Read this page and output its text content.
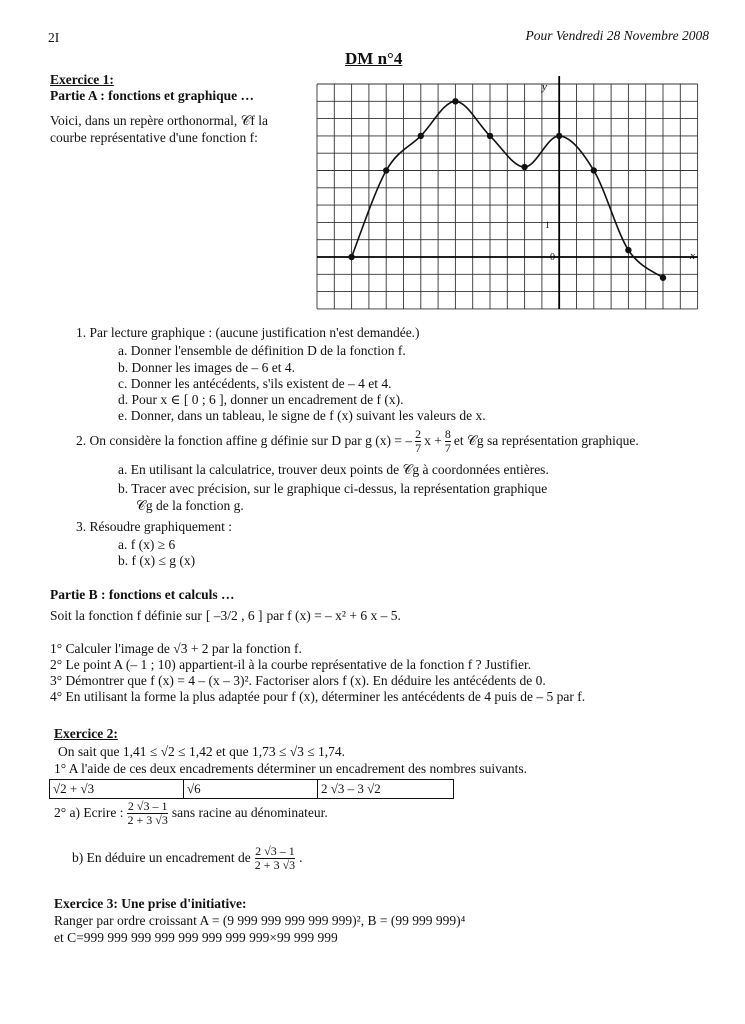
2I	Pour Vendredi 28 Novembre 2008
DM n°4
Exercice 1:
Partie A : fonctions et graphique …
Voici, dans un repère orthonormal, 𝒞f la
courbe représentative d'une fonction f:
y
x
0
1
1. Par lecture graphique : (aucune justification n'est demandée.)
a. Donner l'ensemble de définition D de la fonction f.
b. Donner les images de – 6 et 4.
c. Donner les antécédents, s'ils existent de – 4 et 4.
d. Pour x ∈ [ 0 ; 6 ], donner un encadrement de f (x).
e. Donner, dans un tableau, le signe de f (x) suivant les valeurs de x.
2. On considère la fonction affine g définie sur D par g (x) = – $\frac{2}{7}$ $x + \frac{8}{7}$ et 𝒞g sa représentation graphique.
a. En utilisant la calculatrice, trouver deux points de 𝒞g à coordonnées entières.
b. Tracer avec précision, sur le graphique ci-dessus, la représentation graphique
𝒞g de la fonction g.
3. Résoudre graphiquement :
a. f (x) ≥ 6
b. f (x) ≤ g (x)
Partie B : fonctions et calculs …
Soit la fonction f définie sur [ –3/2 , 6 ] par f (x) = – x² + 6 x – 5.
1° Calculer l'image de √3 + 2 par la fonction f.
2° Le point A (– 1 ; 10) appartient-il à la courbe représentative de la fonction f ? Justifier.
3° Démontrer que f (x) = 4 – (x – 3)². Factoriser alors f (x). En déduire les antécédents de 0.
4° En utilisant la forme la plus adaptée pour f (x), déterminer les antécédents de 4 puis de – 5 par f.
Exercice 2:
On sait que 1,41 ≤ √2 ≤ 1,42 et que 1,73 ≤ √3 ≤ 1,74.
1° A l'aide de ces deux encadrements déterminer un encadrement des nombres suivants.
√2 + √3	√6	2 √3 – 3 √2
2° a) Ecrire : $\frac{2 √3 - 1}{2 + 3 √3}$ sans racine au dénominateur.
b) En déduire un encadrement de $\frac{2 √3 - 1}{2 + 3 √3}$ .
Exercice 3: Une prise d'initiative:
Ranger par ordre croissant A = (9 999 999 999 999 999)², B = (99 999 999)⁴
et C=999 999 999 999 999 999 999 999×99 999 999
